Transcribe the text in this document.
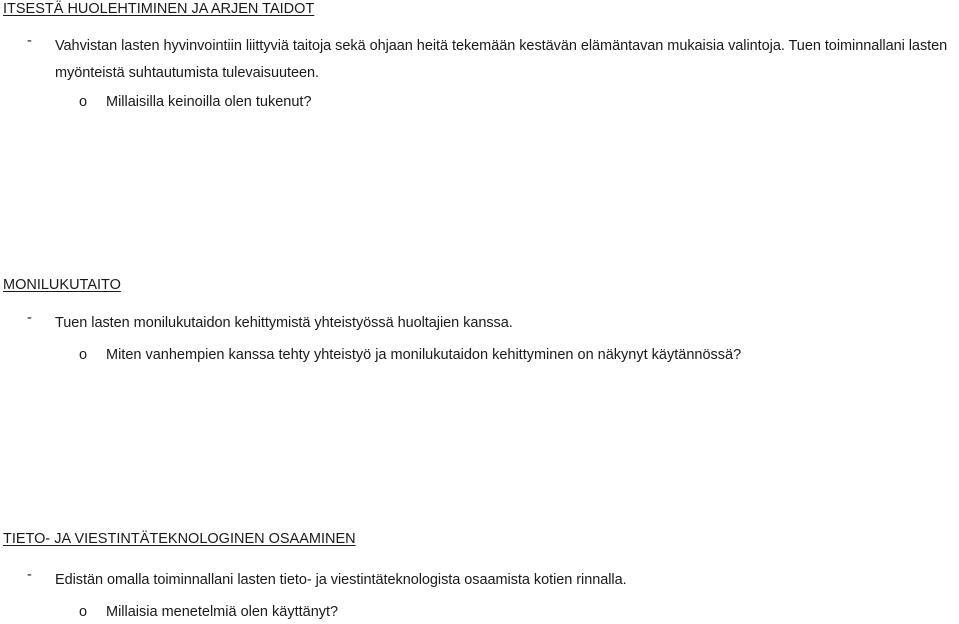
ITSESTÄ HUOLEHTIMINEN JA ARJEN TAIDOT
- Vahvistan lasten hyvinvointiin liittyviä taitoja sekä ohjaan heitä tekemään kestävän elämäntavan mukaisia valintoja. Tuen toiminnallani lasten myönteistä suhtautumista tulevaisuuteen.
o Millaisilla keinoilla olen tukenut?
MONILUKUTAITO
- Tuen lasten monilukutaidon kehittymistä yhteistyössä huoltajien kanssa.
o Miten vanhempien kanssa tehty yhteistyö ja monilukutaidon kehittyminen on näkynyt käytännössä?
TIETO- JA VIESTINTÄTEKNOLOGINEN OSAAMINEN
- Edistän omalla toiminnallani lasten tieto- ja viestintäteknologista osaamista kotien rinnalla.
o Millaisia menetelmiä olen käyttänyt?
